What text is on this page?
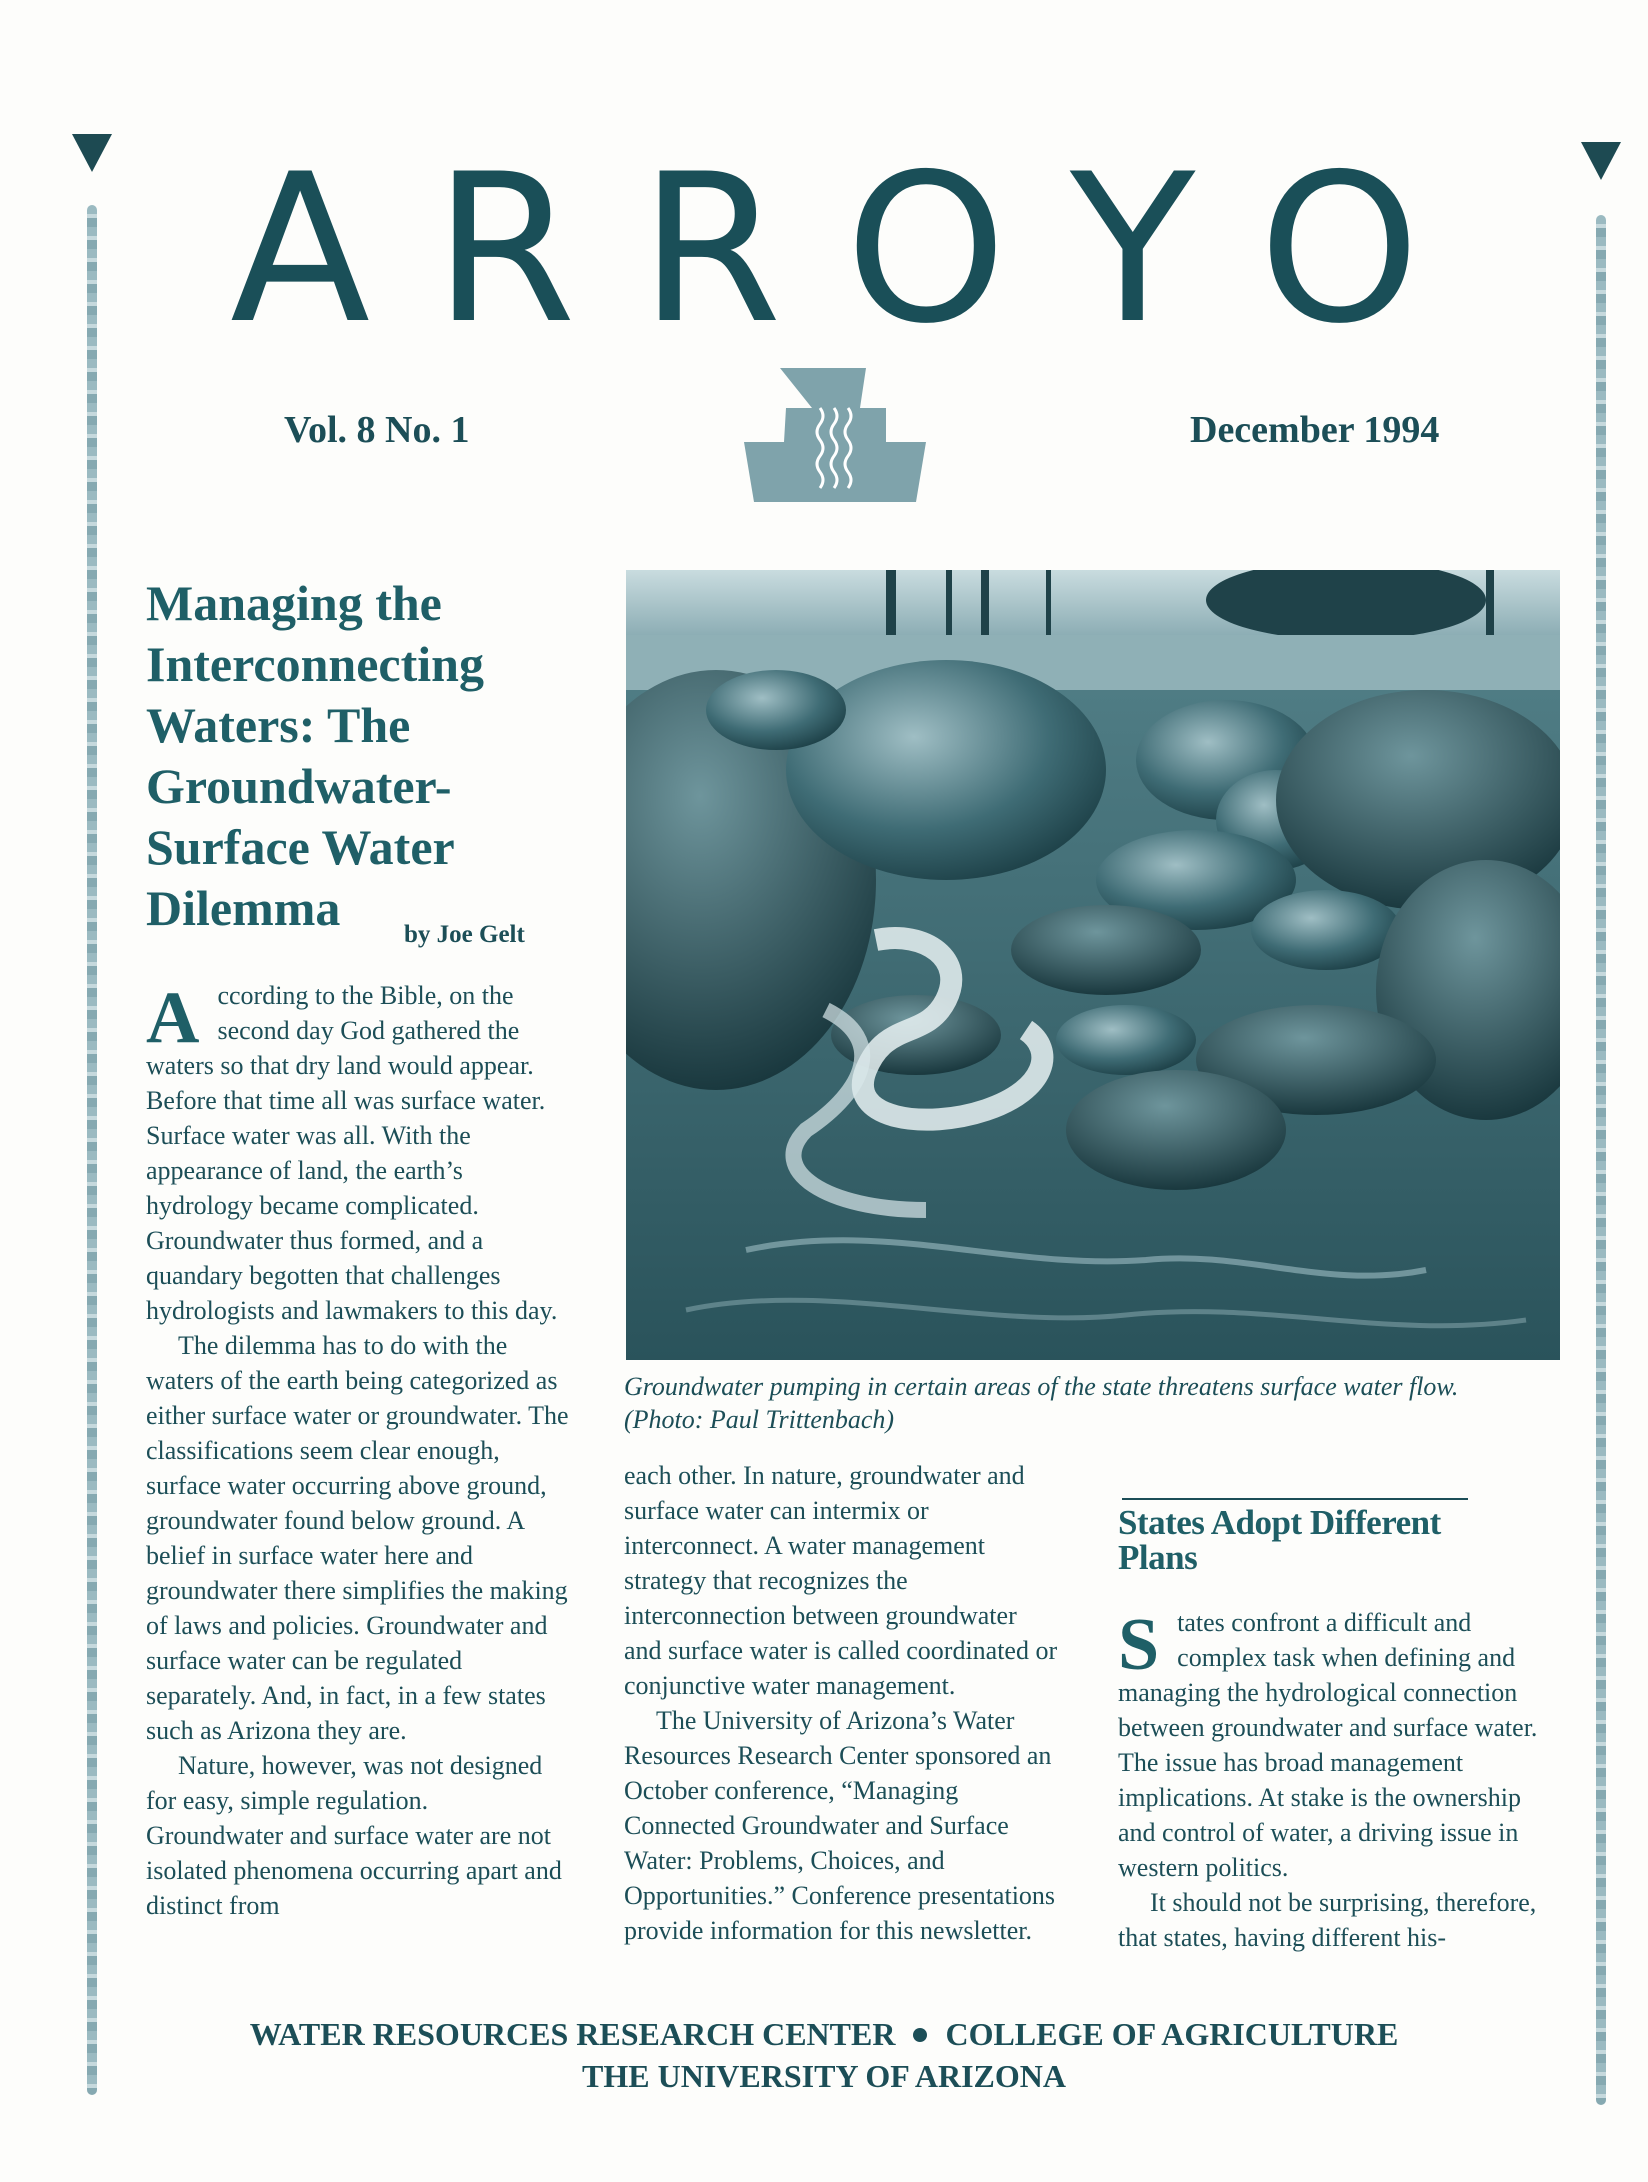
A R R O Y O
Vol. 8 No. 1	December 1994
Managing the
Interconnecting
Waters: The
Groundwater-
Surface Water
Dilemma	by Joe Gelt

According to the Bible, on the second day God gathered the waters so that dry land would appear. Before that time all was surface water. Surface water was all. With the appearance of land, the earth’s hydrology became complicated. Groundwater thus formed, and a quandary begotten that challenges hydrologists and lawmakers to this day.

The dilemma has to do with the waters of the earth being categorized as either surface water or groundwater. The classifications seem clear enough, surface water occurring above ground, groundwater found below ground. A belief in surface water here and groundwater there simplifies the making of laws and policies. Groundwater and surface water can be regulated separately. And, in fact, in a few states such as Arizona they are.

Nature, however, was not designed for easy, simple regulation. Groundwater and surface water are not isolated phenomena occurring apart and distinct from

Groundwater pumping in certain areas of the state threatens surface water flow.
(Photo: Paul Trittenbach)

each other. In nature, groundwater and surface water can intermix or interconnect. A water management strategy that recognizes the interconnection between groundwater and surface water is called coordinated or conjunctive water management.

The University of Arizona’s Water Resources Research Center sponsored an October conference, “Managing Connected Groundwater and Surface Water: Problems, Choices, and Opportunities.” Conference presentations provide information for this newsletter.

States Adopt Different Plans

States confront a difficult and complex task when defining and managing the hydrological connection between groundwater and surface water. The issue has broad management implications. At stake is the ownership and control of water, a driving issue in western politics.

It should not be surprising, therefore, that states, having different his-

WATER RESOURCES RESEARCH CENTER COLLEGE OF AGRICULTURE
THE UNIVERSITY OF ARIZONA
